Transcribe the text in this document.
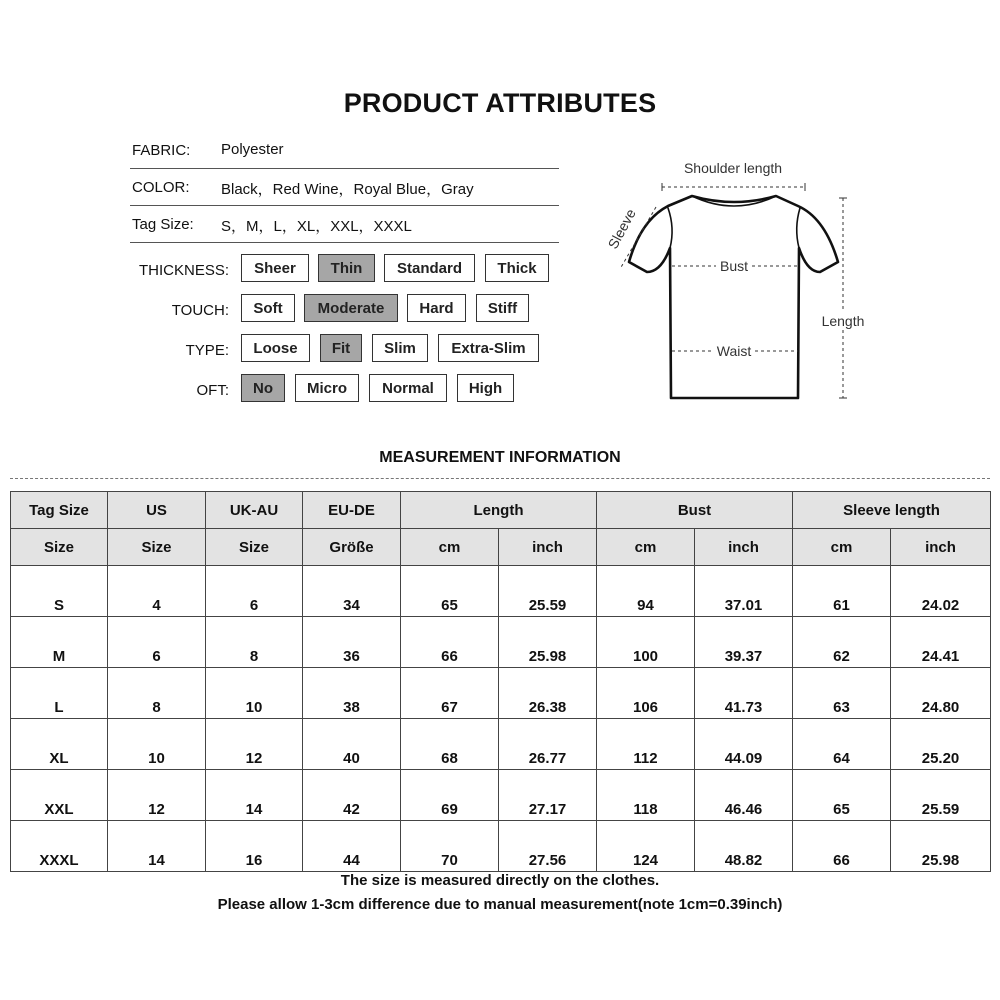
PRODUCT ATTRIBUTES
FABRIC: Polyester
COLOR: Black，Red Wine，Royal Blue，Gray
Tag Size: S，M，L，XL，XXL，XXXL
THICKNESS:	Sheer	Thin	Standard	Thick
TOUCH:	Soft	Moderate	Hard	Stiff
TYPE:	Loose	Fit	Slim	Extra-Slim
OFT:	No	Micro	Normal	High
Shoulder length
Sleeve
Bust
Waist
Length
MEASUREMENT INFORMATION
Tag Size	US	UK-AU	EU-DE	Length		Bust		Sleeve length	
Size	Size	Size	Größe	cm	inch	cm	inch	cm	inch
S	4	6	34	65	25.59	94	37.01	61	24.02
M	6	8	36	66	25.98	100	39.37	62	24.41
L	8	10	38	67	26.38	106	41.73	63	24.80
XL	10	12	40	68	26.77	112	44.09	64	25.20
XXL	12	14	42	69	27.17	118	46.46	65	25.59
XXXL	14	16	44	70	27.56	124	48.82	66	25.98
The size is measured directly on the clothes.
Please allow 1-3cm difference due to manual measurement(note 1cm=0.39inch)
